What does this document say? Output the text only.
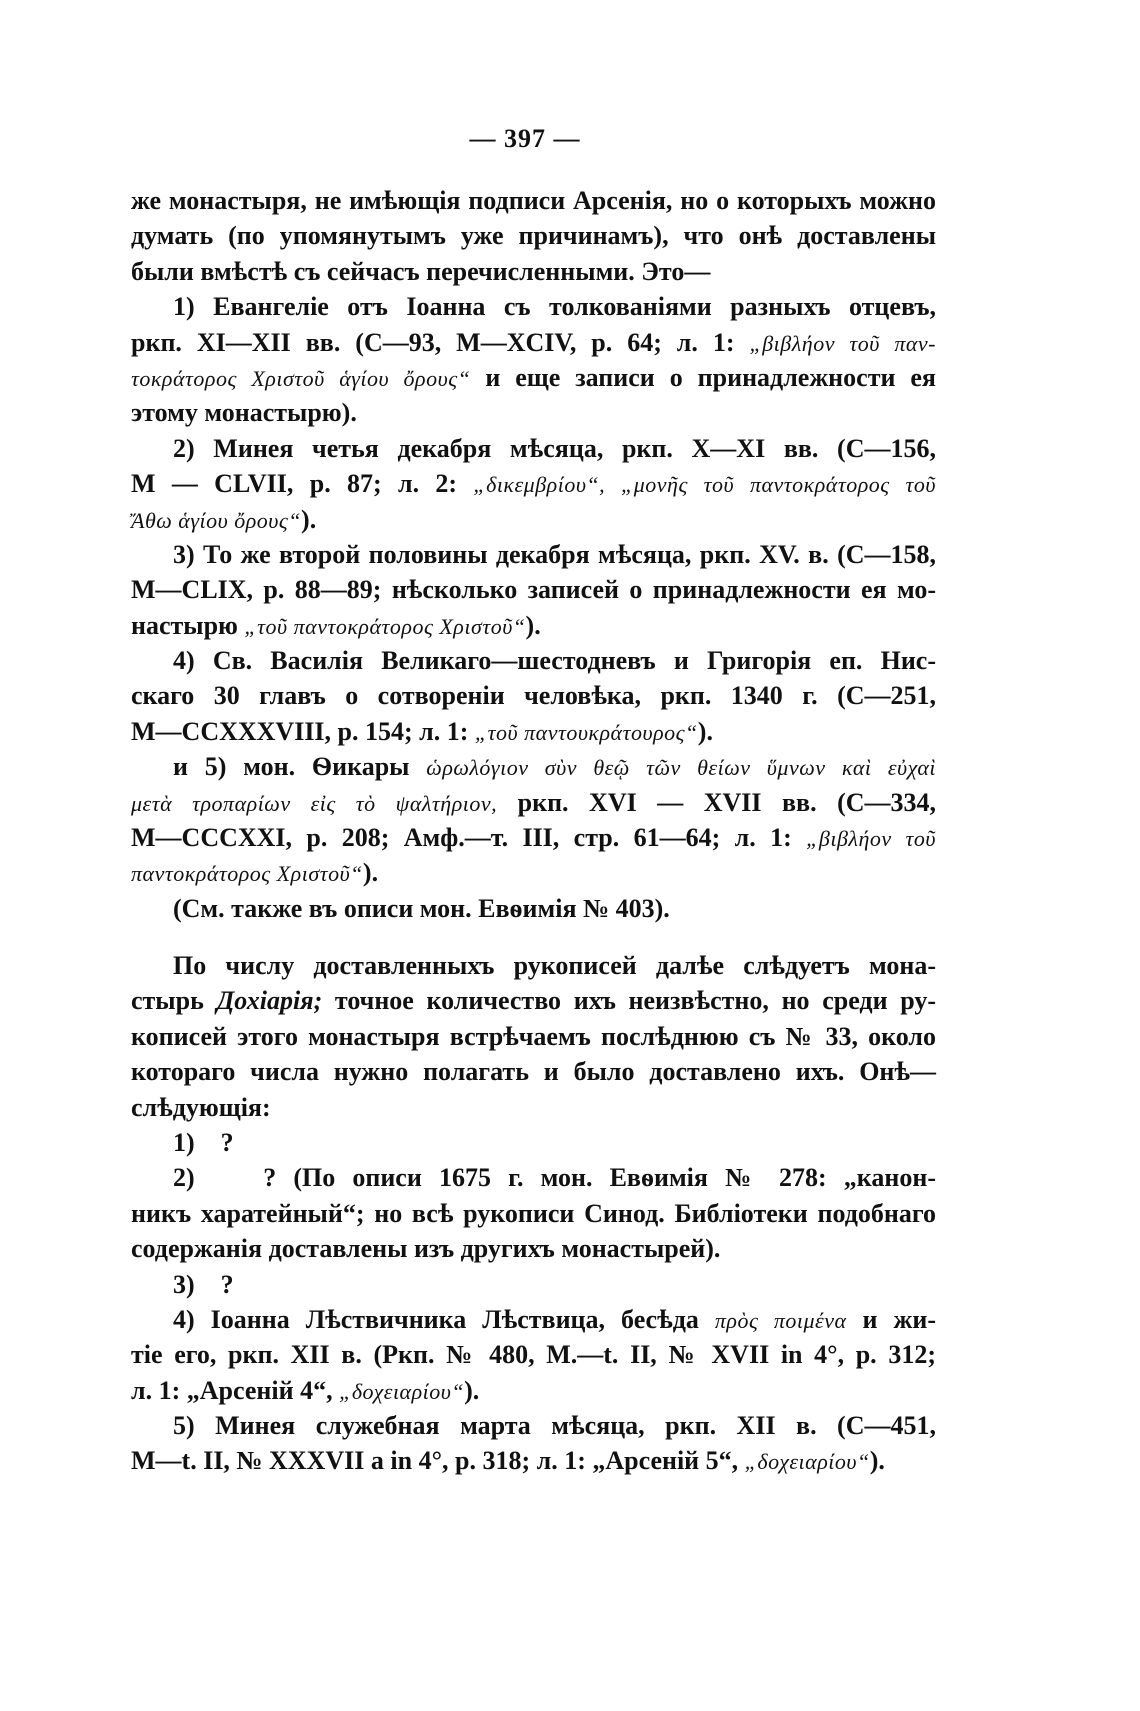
— 397 —
же монастыря, не имѣющія подписи Арсенія, но о которыхъ можно
думать (по упомянутымъ уже причинамъ), что онѣ доставлены
были вмѣстѣ съ сейчасъ перечисленными. Это—
1) Евангеліе отъ Іоанна съ толкованіями разныхъ отцевъ,
ркп. XI—XII вв. (С—93, М—XCIV, р. 64; л. 1: „βιβλήον τοῦ παν-
τοκράτορος Χριστοῦ ἁγίου ὄρους“ и еще записи о принадлежности ея
этому монастырю).
2) Минея четья декабря мѣсяца, ркп. X—XI вв. (С—156,
М — CLVII, р. 87; л. 2: „δικεμβρίου“, „μονῆς τοῦ παντοκράτορος τοῦ
Ἄθω ἁγίου ὄρους“).
3) То же второй половины декабря мѣсяца, ркп. XV. в. (С—158,
М—CLIX, р. 88—89; нѣсколько записей о принадлежности ея мо-
настырю „τοῦ παντοκράτορος Χριστοῦ“).
4) Св. Василія Великаго—шестодневъ и Григорія еп. Нис-
скаго 30 главъ о сотвореніи человѣка, ркп. 1340 г. (С—251,
М—CCXXXVIII, р. 154; л. 1: „τοῦ παντουκράτουρος“).
и 5) мон. Ѳикары ὡρωλόγιον σὺν θεῷ τῶν θείων ὕμνων καὶ εὐχαὶ
μετὰ τροπαρίων εἰς τὸ ψαλτήριον, ркп. XVI — XVII вв. (С—334,
М—CCCXXI, р. 208; Амф.—т. III, стр. 61—64; л. 1: „βιβλήον τοῦ
παντοκράτορος Χριστοῦ“).
(См. также въ описи мон. Евѳимія № 403).
По числу доставленныхъ рукописей далѣе слѣдуетъ мона-
стырь Дохіарія; точное количество ихъ неизвѣстно, но среди ру-
кописей этого монастыря встрѣчаемъ послѣднюю съ № 33, около
котораго числа нужно полагать и было доставлено ихъ. Онѣ—
слѣдующія:
1)    ?
2)    ? (По описи 1675 г. мон. Евѳимія № 278: „канон-
никъ харатейный“; но всѣ рукописи Синод. Библіотеки подобнаго
содержанія доставлены изъ другихъ монастырей).
3)    ?
4) Іоанна Лѣствичника Лѣствица, бесѣда πρὸς ποιμένα и жи-
тіе его, ркп. XII в. (Ркп. № 480, М.—t. II, № XVII in 4°, р. 312;
л. 1: „Арсеній 4“, „δοχειαρίου“).
5) Минея служебная марта мѣсяца, ркп. XII в. (С—451,
М—t. II, № XXXVII a in 4°, р. 318; л. 1: „Арсеній 5“, „δοχειαρίου“).
